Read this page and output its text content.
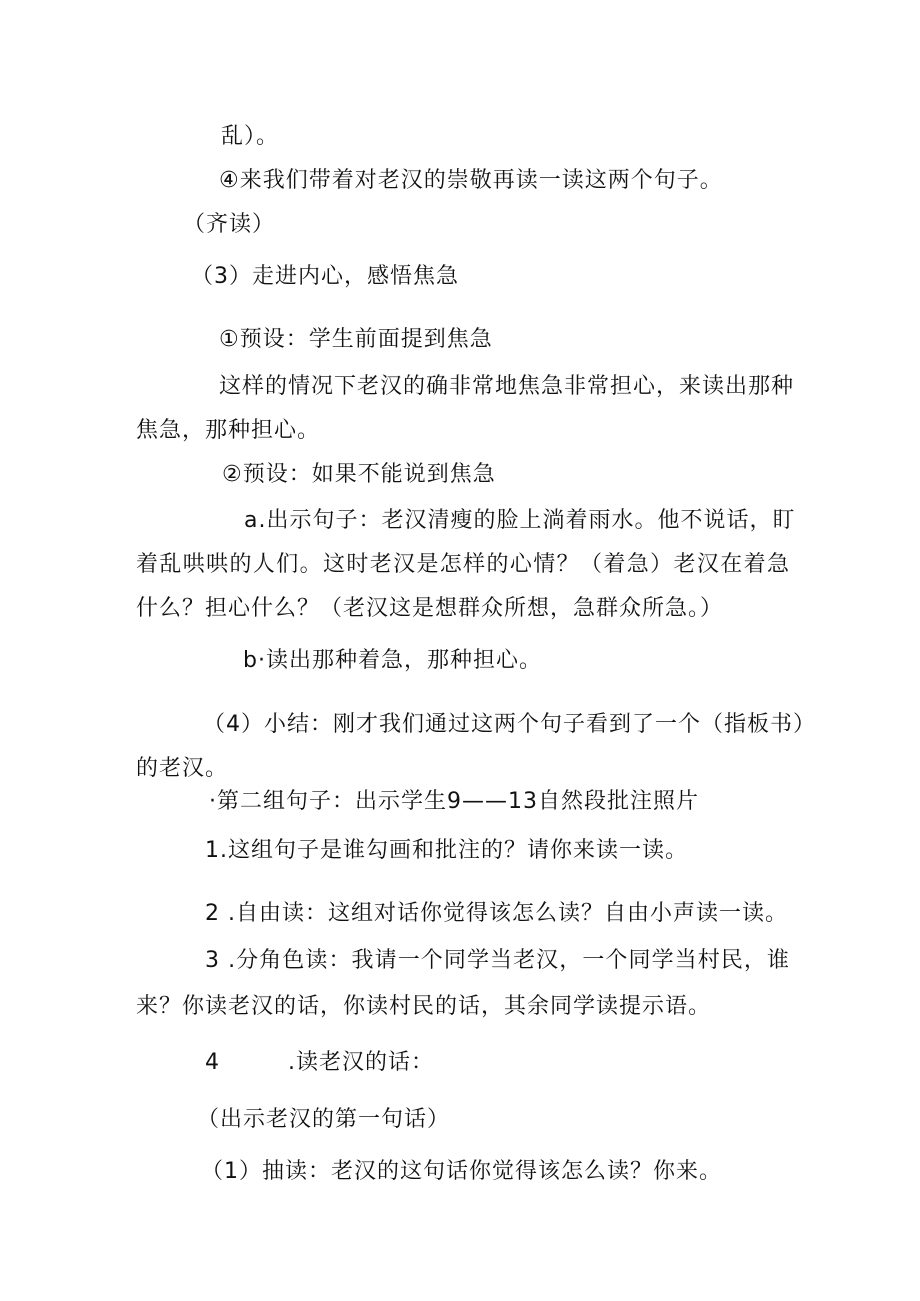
乱）。
④来我们带着对老汉的崇敬再读一读这两个句子。
（齐读）
（3）走进内心，感悟焦急
①预设：学生前面提到焦急
这样的情况下老汉的确非常地焦急非常担心，来读出那种
焦急，那种担心。
②预设：如果不能说到焦急
a.出示句子：老汉清瘦的脸上淌着雨水。他不说话，盯
着乱哄哄的人们。这时老汉是怎样的心情？（着急）老汉在着急
什么？担心什么？（老汉这是想群众所想，急群众所急。）
b·读出那种着急，那种担心。
（4）小结：刚才我们通过这两个句子看到了一个（指板书）
的老汉。
·第二组句子：出示学生9——13自然段批注照片
1.这组句子是谁勾画和批注的？请你来读一读。
2 .自由读：这组对话你觉得该怎么读？自由小声读一读。
3 .分角色读：我请一个同学当老汉，一个同学当村民，谁
来？你读老汉的话，你读村民的话，其余同学读提示语。
4	.读老汉的话：
（出示老汉的第一句话）
（1）抽读：老汉的这句话你觉得该怎么读？你来。
